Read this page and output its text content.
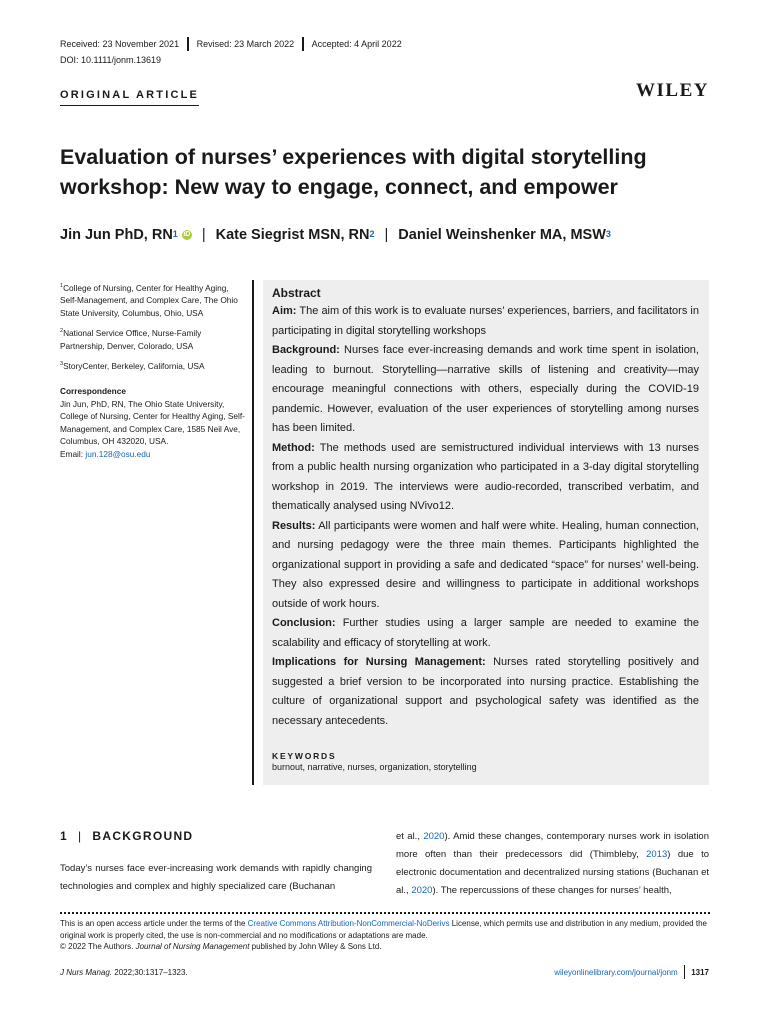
Received: 23 November 2021 Revised: 23 March 2022 Accepted: 4 April 2022
DOI: 10.1111/jonm.13619
ORIGINAL ARTICLE	WILEY
Evaluation of nurses’ experiences with digital storytelling workshop: New way to engage, connect, and empower
Jin Jun PhD, $RN^1$ iD | Kate Siegrist MSN, $RN^2$ | Daniel Weinshenker MA, MSW$^3$

$^1$College of Nursing, Center for Healthy Aging, Self-Management, and Complex Care, The Ohio State University, Columbus, Ohio, USA

$^2$National Service Office, Nurse-Family Partnership, Denver, Colorado, USA

$^3$StoryCenter, Berkeley, California, USA

Correspondence

Jin Jun, PhD, RN, The Ohio State University, College of Nursing, Center for Healthy Aging, Self-Management, and Complex Care, 1585 Neil Ave, Columbus, OH 432020, USA.
Email: jun.128@osu.edu

Abstract

Aim: The aim of this work is to evaluate nurses’ experiences, barriers, and facilitators in participating in digital storytelling workshops

Background: Nurses face ever-increasing demands and work time spent in isolation, leading to burnout. Storytelling—narrative skills of listening and creativity—may encourage meaningful connections with others, especially during the COVID-19 pandemic. However, evaluation of the user experiences of storytelling among nurses has been limited.

Method: The methods used are semistructured individual interviews with 13 nurses from a public health nursing organization who participated in a 3-day digital storytelling workshop in 2019. The interviews were audio-recorded, transcribed verbatim, and thematically analysed using NVivo12.

Results: All participants were women and half were white. Healing, human connection, and nursing pedagogy were the three main themes. Participants highlighted the organizational support in providing a safe and dedicated “space” for nurses’ well-being. They also expressed desire and willingness to participate in additional workshops outside of work hours.

Conclusion: Further studies using a larger sample are needed to examine the scalability and efficacy of storytelling at work.

Implications for Nursing Management: Nurses rated storytelling positively and suggested a brief version to be incorporated into nursing practice. Establishing the culture of organizational support and psychological safety was identified as the necessary antecedents.

KEYWORDS

burnout, narrative, nurses, organization, storytelling

1 | BACKGROUND

Today’s nurses face ever-increasing work demands with rapidly changing technologies and complex and highly specialized care (Buchanan

et al., 2020). Amid these changes, contemporary nurses work in isolation more often than their predecessors did (Thimbleby, 2013) due to electronic documentation and decentralized nursing stations (Buchanan et al., 2020). The repercussions of these changes for nurses’ health,

This is an open access article under the terms of the Creative Commons Attribution-NonCommercial-NoDerivs License, which permits use and distribution in any medium, provided the original work is properly cited, the use is non-commercial and no modifications or adaptations are made.

© 2022 The Authors. Journal of Nursing Management published by John Wiley & Sons Ltd.

J Nurs Manag. 2022;30:1317–1323.	wileyonlinelibrary.com/journal/jonm 1317
